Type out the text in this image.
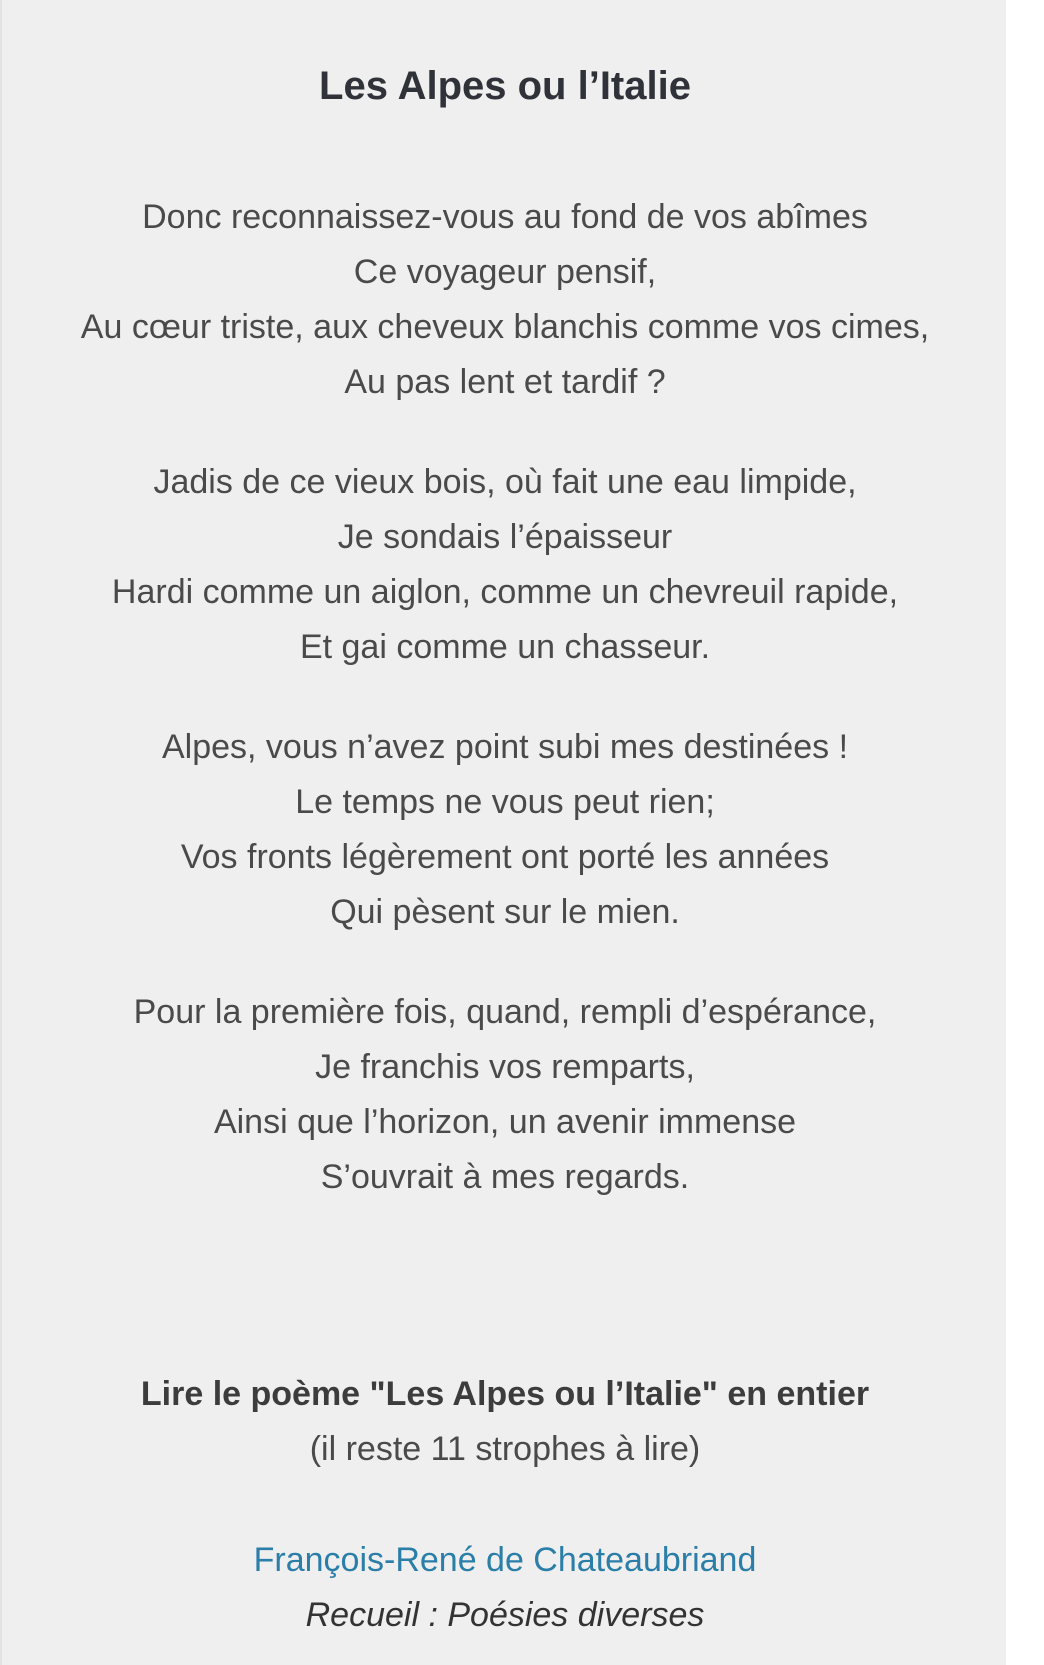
Les Alpes ou l’Italie
Donc reconnaissez-vous au fond de vos abîmes
Ce voyageur pensif,
Au cœur triste, aux cheveux blanchis comme vos cimes,
Au pas lent et tardif ?
Jadis de ce vieux bois, où fait une eau limpide,
Je sondais l’épaisseur
Hardi comme un aiglon, comme un chevreuil rapide,
Et gai comme un chasseur.
Alpes, vous n’avez point subi mes destinées !
Le temps ne vous peut rien;
Vos fronts légèrement ont porté les années
Qui pèsent sur le mien.
Pour la première fois, quand, rempli d’espérance,
Je franchis vos remparts,
Ainsi que l’horizon, un avenir immense
S’ouvrait à mes regards.
Lire le poème "Les Alpes ou l’Italie" en entier
(il reste 11 strophes à lire)
François-René de Chateaubriand
Recueil : Poésies diverses
